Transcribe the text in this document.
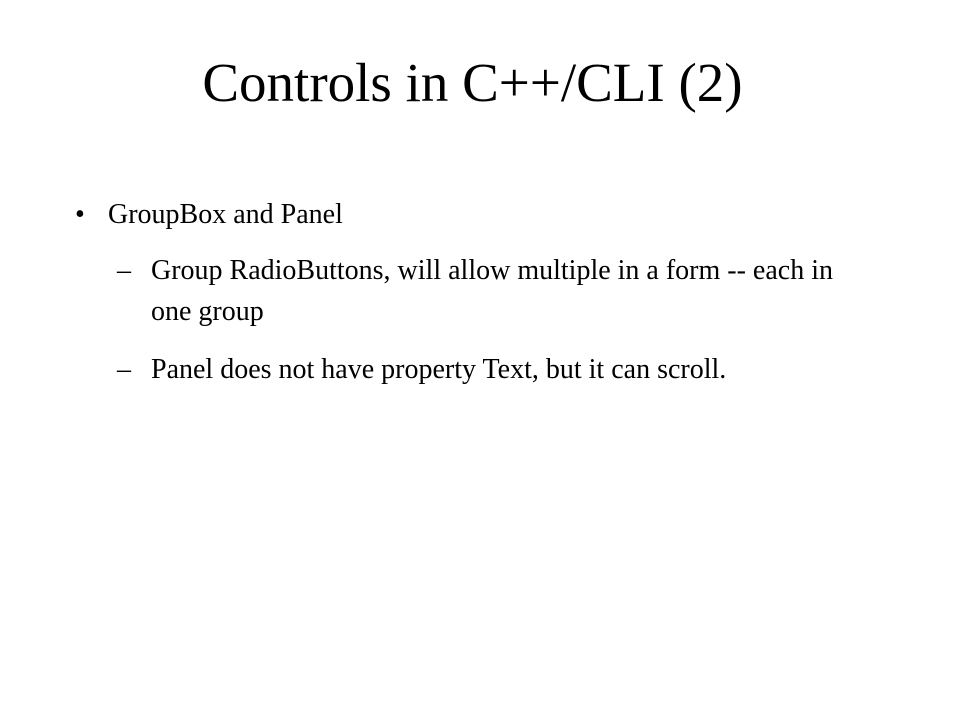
Controls in C++/CLI (2)
• GroupBox and Panel
– Group RadioButtons, will allow multiple in a form -- each in one group
– Panel does not have property Text, but it can scroll.
